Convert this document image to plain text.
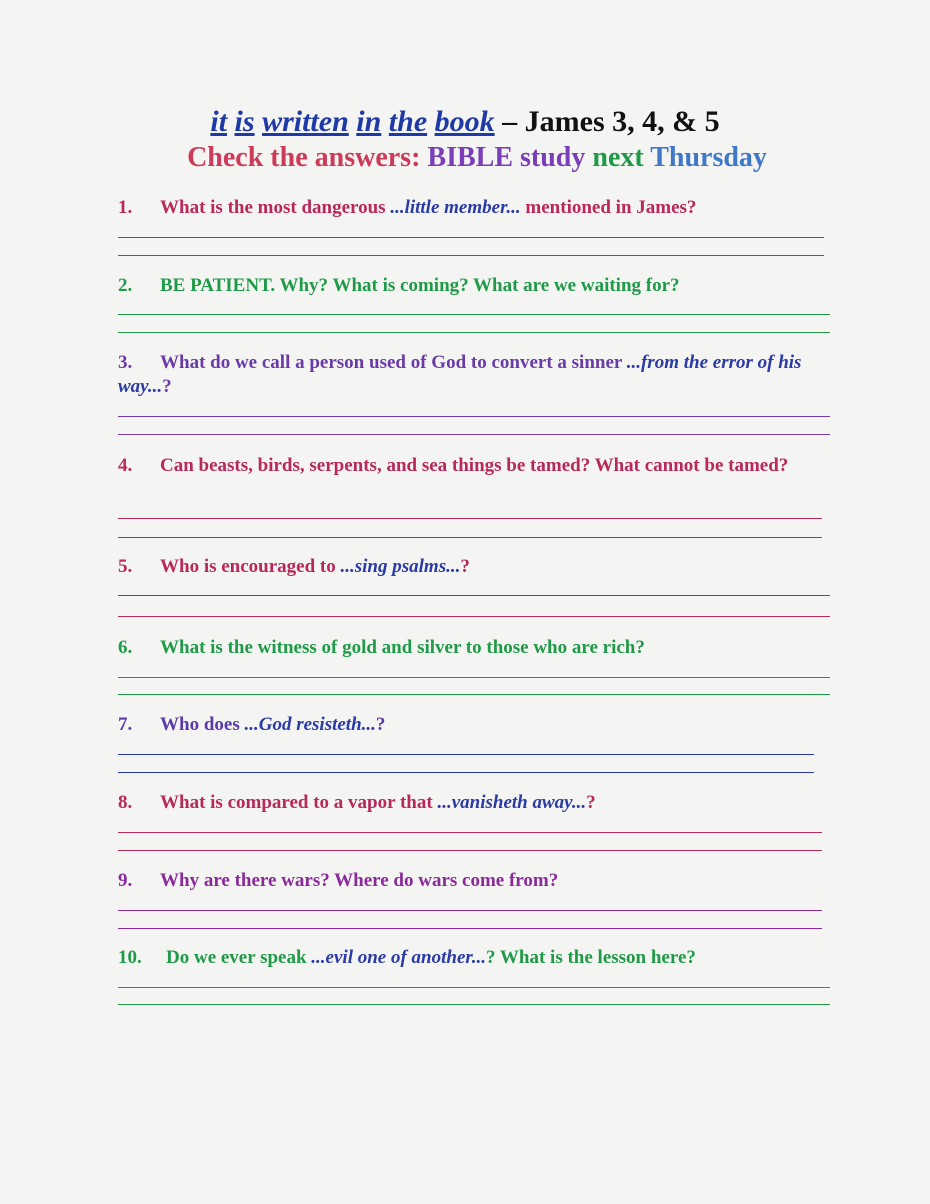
it is written in the book – James 3, 4, & 5
Check the answers: BIBLE study next Thursday
1. What is the most dangerous ...little member... mentioned in James?
2. BE PATIENT. Why? What is coming? What are we waiting for?
3. What do we call a person used of God to convert a sinner ...from the error of his way...?
4. Can beasts, birds, serpents, and sea things be tamed? What cannot be tamed?
5. Who is encouraged to ...sing psalms...?
6. What is the witness of gold and silver to those who are rich?
7. Who does ...God resisteth...?
8. What is compared to a vapor that ...vanisheth away...?
9. Why are there wars? Where do wars come from?
10. Do we ever speak ...evil one of another...? What is the lesson here?
